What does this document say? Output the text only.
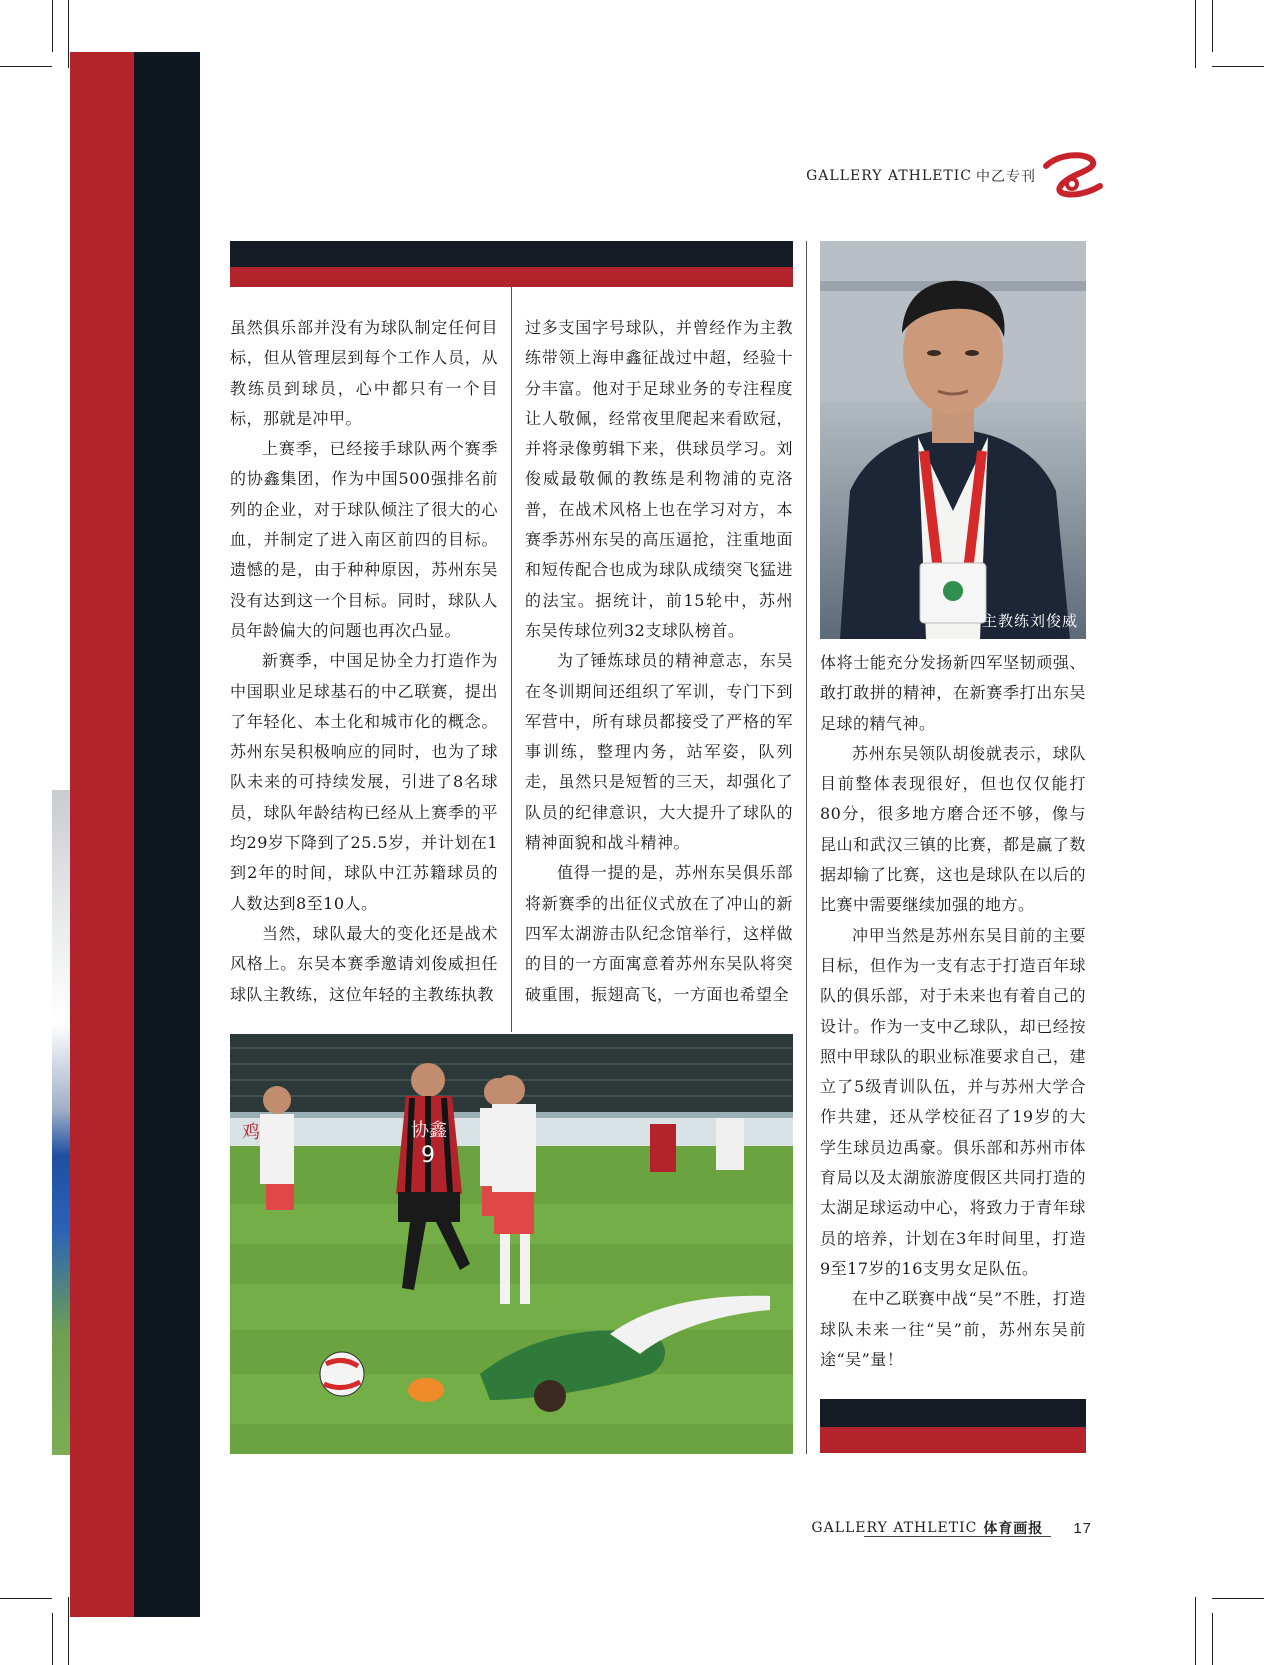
GALLERY ATHLETIC 中乙专刊

虽然俱乐部并没有为球队制定任何目标，但从管理层到每个工作人员，从教练员到球员，心中都只有一个目标，那就是冲甲。

上赛季，已经接手球队两个赛季的协鑫集团，作为中国500强排名前列的企业，对于球队倾注了很大的心血，并制定了进入南区前四的目标。遗憾的是，由于种种原因，苏州东吴没有达到这一个目标。同时，球队人员年龄偏大的问题也再次凸显。

新赛季，中国足协全力打造作为中国职业足球基石的中乙联赛，提出了年轻化、本土化和城市化的概念。苏州东吴积极响应的同时，也为了球队未来的可持续发展，引进了8名球员，球队年龄结构已经从上赛季的平均29岁下降到了25.5岁，并计划在1到2年的时间，球队中江苏籍球员的人数达到8至10人。

当然，球队最大的变化还是战术风格上。东吴本赛季邀请刘俊威担任球队主教练，这位年轻的主教练执教

过多支国字号球队，并曾经作为主教练带领上海申鑫征战过中超，经验十分丰富。他对于足球业务的专注程度让人敬佩，经常夜里爬起来看欧冠，并将录像剪辑下来，供球员学习。刘俊威最敬佩的教练是利物浦的克洛普，在战术风格上也在学习对方，本赛季苏州东吴的高压逼抢，注重地面和短传配合也成为球队成绩突飞猛进的法宝。据统计，前15轮中，苏州东吴传球位列32支球队榜首。

为了锤炼球员的精神意志，东吴在冬训期间还组织了军训，专门下到军营中，所有球员都接受了严格的军事训练，整理内务，站军姿，队列走，虽然只是短暂的三天，却强化了队员的纪律意识，大大提升了球队的精神面貌和战斗精神。

值得一提的是，苏州东吴俱乐部将新赛季的出征仪式放在了冲山的新四军太湖游击队纪念馆举行，这样做的目的一方面寓意着苏州东吴队将突破重围，振翅高飞，一方面也希望全

体将士能充分发扬新四军坚韧顽强、敢打敢拼的精神，在新赛季打出东吴足球的精气神。

苏州东吴领队胡俊就表示，球队目前整体表现很好，但也仅仅能打80分，很多地方磨合还不够，像与昆山和武汉三镇的比赛，都是赢了数据却输了比赛，这也是球队在以后的比赛中需要继续加强的地方。

冲甲当然是苏州东吴目前的主要目标，但作为一支有志于打造百年球队的俱乐部，对于未来也有着自己的设计。作为一支中乙球队，却已经按照中甲球队的职业标准要求自己，建立了5级青训队伍，并与苏州大学合作共建，还从学校征召了19岁的大学生球员边禹豪。俱乐部和苏州市体育局以及太湖旅游度假区共同打造的太湖足球运动中心，将致力于青年球员的培养，计划在3年时间里，打造9至17岁的16支男女足队伍。

在中乙联赛中战“吴”不胜，打造球队未来一往“吴”前，苏州东吴前途“吴”量！

主教练刘俊威
鸡	协鑫
9
GALLERY ATHLETIC 体育画报 17
